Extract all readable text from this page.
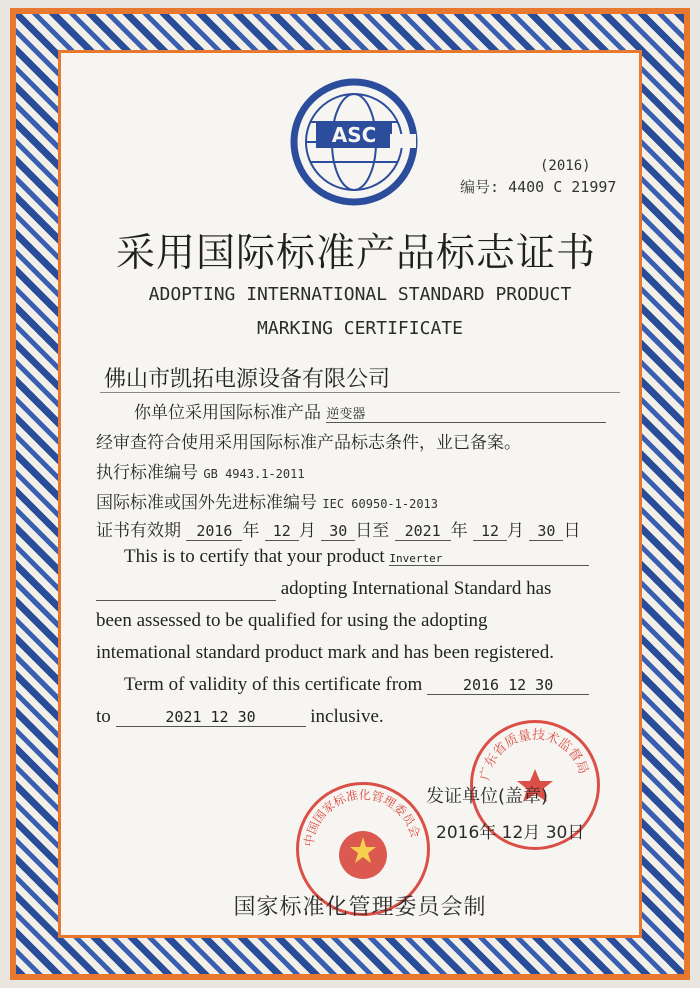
ASC
(2016)
编号: 4400 C 21997
采用国际标准产品标志证书
ADOPTING INTERNATIONAL STANDARD PRODUCT
MARKING CERTIFICATE
佛山市凯拓电源设备有限公司
你单位采用国际标准产品 逆变器
经审查符合使用采用国际标准产品标志条件，业已备案。
执行标准编号 GB 4943.1-2011
国际标准或国外先进标准编号 IEC 60950-1-2013
证书有效期 2016 年 12 月 30 日至 2021 年 12 月 30 日
This is to certify that your product Inverter
adopting International Standard has
been assessed to be qualified for using the adopting
intemational standard product mark and has been registered.
Term of validity of this certificate from	2016 12 30
to	2021 12 30	inclusive.
广东省质量技术监督局
中国国家标准化管理委员会
发证单位(盖章)
2016年 12月 30日
国家标准化管理委员会制
